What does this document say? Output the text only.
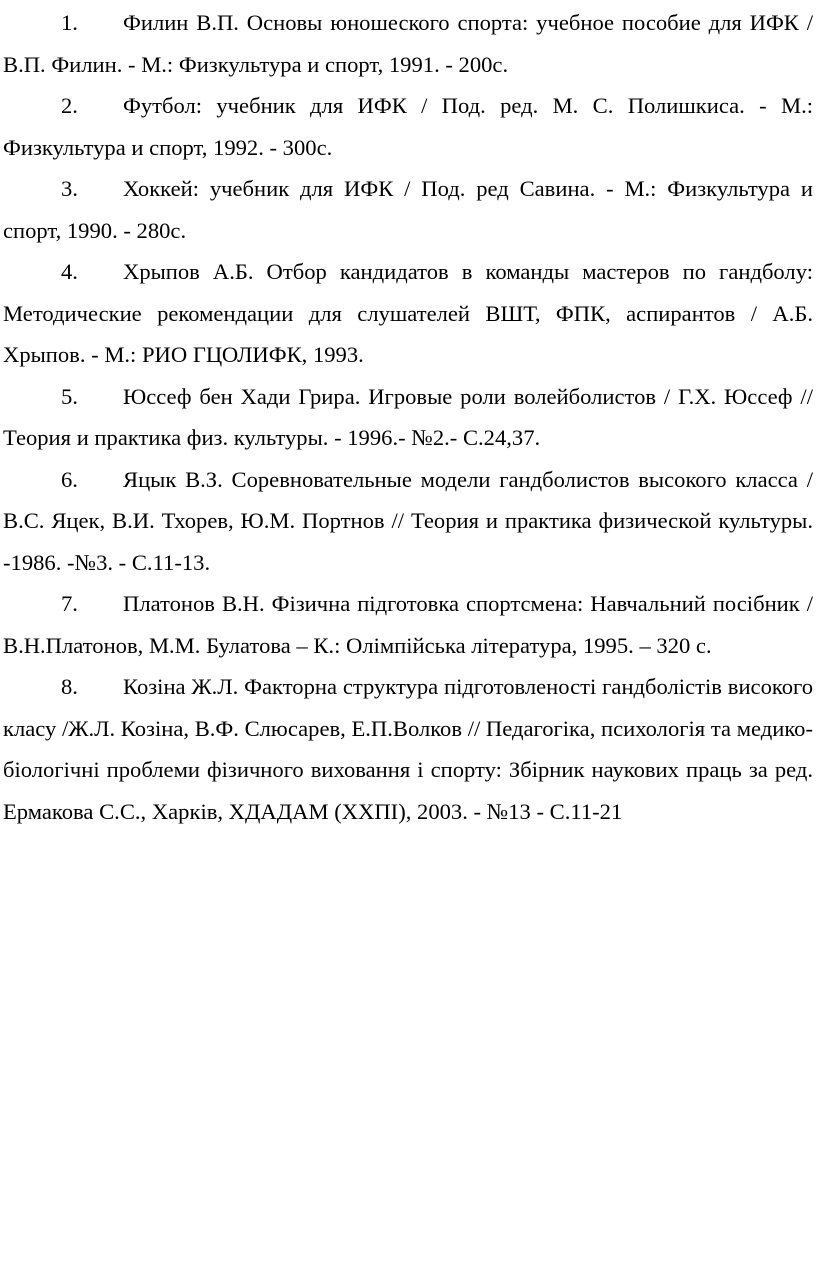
1. Филин В.П. Основы юношеского спорта: учебное пособие для ИФК / В.П. Филин. - М.: Физкультура и спорт, 1991. - 200с.
2. Футбол: учебник для ИФК / Под. ред. М. С. Полишкиса. - М.: Физкультура и спорт, 1992. - 300с.
3. Хоккей: учебник для ИФК / Под. ред Савина. - М.: Физкультура и спорт, 1990. - 280с.
4. Хрыпов А.Б. Отбор кандидатов в команды мастеров по гандболу: Методические рекомендации для слушателей ВШТ, ФПК, аспирантов / А.Б. Хрыпов. - М.: РИО ГЦОЛИФК, 1993.
5. Юссеф бен Хади Грира. Игровые роли волейболистов / Г.Х. Юссеф // Теория и практика физ. культуры. - 1996.- №2.- С.24,37.
6. Яцык В.З. Соревновательные модели гандболистов высокого класса / В.С. Яцек, В.И. Тхорев, Ю.М. Портнов // Теория и практика физической культуры. -1986. -№3. - С.11-13.
7. Платонов В.Н. Фізична підготовка спортсмена: Навчальний посібник / В.Н.Платонов, М.М. Булатова – К.: Олімпійська література, 1995. – 320 с.
8. Козіна Ж.Л. Факторна структура підготовленості гандболістів високого класу /Ж.Л. Козіна, В.Ф. Слюсарев, Е.П.Волков // Педагогіка, психологія та медико-біологічні проблеми фізичного виховання і спорту: Збірник наукових праць за ред. Ермакова С.С., Харків, ХДАДАМ (ХХПІ), 2003. - №13 - С.11-21
